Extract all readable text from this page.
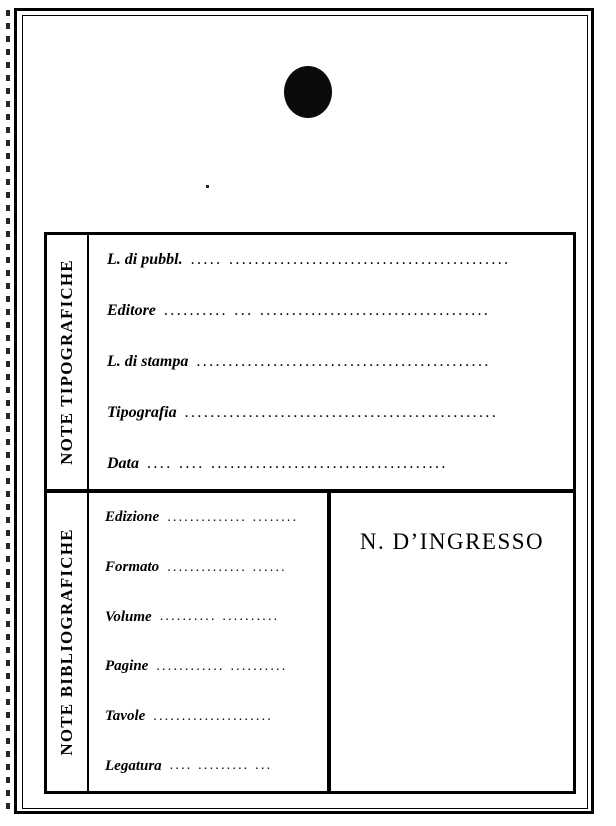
NOTE TIPOGRAFICHE L. di pubbl. ..... ............................................
Editore .......... ... ....................................
L. di stampa ..............................................
Tipografia .................................................
Data .... .... .....................................
NOTE BIBLIOGRAFICHE
Edizione .............. ........
Formato .............. ......
Volume .......... ..........
Pagine ............ ..........
Tavole .....................
Legatura .... ......... ...
N. D’INGRESSO
